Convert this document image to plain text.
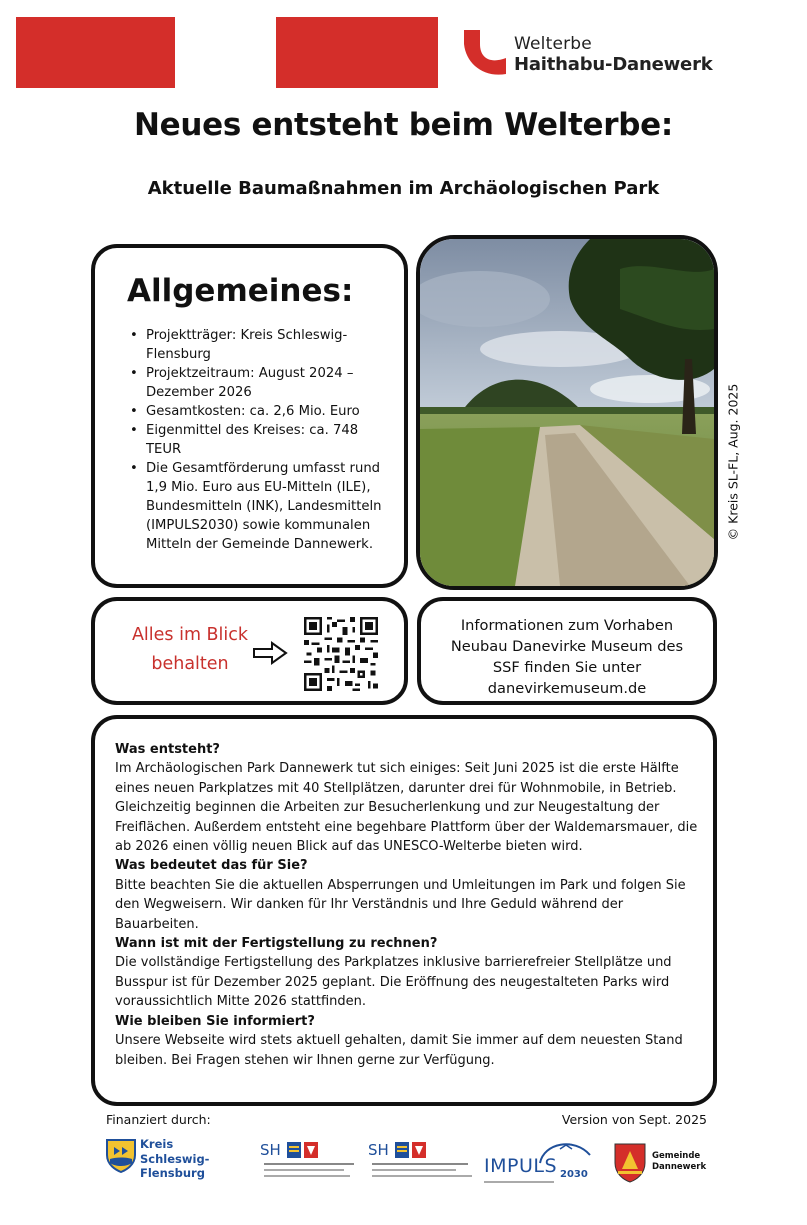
Welterbe
Haithabu-Danewerk
Neues entsteht beim Welterbe:
Aktuelle Baumaßnahmen im Archäologischen Park
Allgemeines:
• Projektträger: Kreis Schleswig-Flensburg
• Projektzeitraum: August 2024 – Dezember 2026
• Gesamtkosten: ca. 2,6 Mio. Euro
• Eigenmittel des Kreises: ca. 748 TEUR
• Die Gesamtförderung umfasst rund 1,9 Mio. Euro aus EU-Mitteln (ILE), Bundesmitteln (INK), Landesmitteln (IMPULS2030) sowie kommunalen Mitteln der Gemeinde Dannewerk.
© Kreis SL-FL, Aug. 2025
Alles im Blick
behalten
Informationen zum Vorhaben
Neubau Danevirke Museum des
SSF finden Sie unter
danevirkemuseum.de
Was entsteht?
Im Archäologischen Park Dannewerk tut sich einiges: Seit Juni 2025 ist die erste Hälfte eines neuen Parkplatzes mit 40 Stellplätzen, darunter drei für Wohnmobile, in Betrieb. Gleichzeitig beginnen die Arbeiten zur Besucherlenkung und zur Neugestaltung der Freiflächen. Außerdem entsteht eine begehbare Plattform über der Waldemarsmauer, die ab 2026 einen völlig neuen Blick auf das UNESCO-Welterbe bieten wird.
Was bedeutet das für Sie?
Bitte beachten Sie die aktuellen Absperrungen und Umleitungen im Park und folgen Sie den Wegweisern. Wir danken für Ihr Verständnis und Ihre Geduld während der Bauarbeiten.
Wann ist mit der Fertigstellung zu rechnen?
Die vollständige Fertigstellung des Parkplatzes inklusive barrierefreier Stellplätze und Busspur ist für Dezember 2025 geplant. Die Eröffnung des neugestalteten Parks wird voraussichtlich Mitte 2026 stattfinden.
Wie bleiben Sie informiert?
Unsere Webseite wird stets aktuell gehalten, damit Sie immer auf dem neuesten Stand bleiben. Bei Fragen stehen wir Ihnen gerne zur Verfügung.
Finanziert durch:	Version von Sept. 2025
Kreis
Schleswig-Flensburg
SH	SH
IMPULS 2030
Gemeinde
Dannewerk
